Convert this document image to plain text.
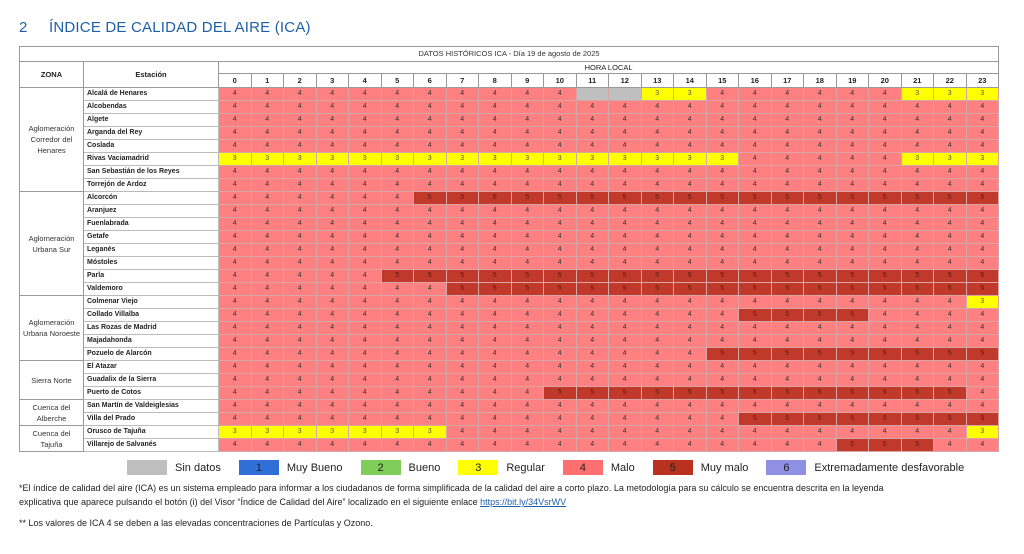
2 ÍNDICE DE CALIDAD DEL AIRE (ICA)
DATOS HISTÓRICOS ICA - Día 19 de agosto de 2025																									
ZONA	Estación	HORA LOCAL																							
		0	1	2	3	4	5	6	7	8	9	10	11	12	13	14	15	16	17	18	19	20	21	22	23
Aglomeración Corredor del Henares	Alcalá de Henares	4	4	4	4	4	4	4	4	4	4	4			3	3	4	4	4	4	4	4	3	3	3
	Alcobendas	4	4	4	4	4	4	4	4	4	4	4	4	4	4	4	4	4	4	4	4	4	4	4	4
	Algete	4	4	4	4	4	4	4	4	4	4	4	4	4	4	4	4	4	4	4	4	4	4	4	4
	Arganda del Rey	4	4	4	4	4	4	4	4	4	4	4	4	4	4	4	4	4	4	4	4	4	4	4	4
	Coslada	4	4	4	4	4	4	4	4	4	4	4	4	4	4	4	4	4	4	4	4	4	4	4	4
	Rivas Vaciamadrid	3	3	3	3	3	3	3	3	3	3	3	3	3	3	3	3	4	4	4	4	4	3	3	3
	San Sebastián de los Reyes	4	4	4	4	4	4	4	4	4	4	4	4	4	4	4	4	4	4	4	4	4	4	4	4
	Torrejón de Ardoz	4	4	4	4	4	4	4	4	4	4	4	4	4	4	4	4	4	4	4	4	4	4	4	4
Aglomeración Urbana Sur	Alcorcón	4	4	4	4	4	4	5	5	5	5	5	5	5	5	5	5	5	5	5	5	5	5	5	5
	Aranjuez	4	4	4	4	4	4	4	4	4	4	4	4	4	4	4	4	4	4	4	4	4	4	4	4
	Fuenlabrada	4	4	4	4	4	4	4	4	4	4	4	4	4	4	4	4	4	4	4	4	4	4	4	4
	Getafe	4	4	4	4	4	4	4	4	4	4	4	4	4	4	4	4	4	4	4	4	4	4	4	4
	Leganés	4	4	4	4	4	4	4	4	4	4	4	4	4	4	4	4	4	4	4	4	4	4	4	4
	Móstoles	4	4	4	4	4	4	4	4	4	4	4	4	4	4	4	4	4	4	4	4	4	4	4	4
	Parla	4	4	4	4	4	5	5	5	5	5	5	5	5	5	5	5	5	5	5	5	5	5	5	5
	Valdemoro	4	4	4	4	4	4	4	5	5	5	5	5	5	5	5	5	5	5	5	5	5	5	5	5
Aglomeración Urbana Noroeste	Colmenar Viejo	4	4	4	4	4	4	4	4	4	4	4	4	4	4	4	4	4	4	4	4	4	4	4	3
	Collado Villalba	4	4	4	4	4	4	4	4	4	4	4	4	4	4	4	4	5	5	5	5	4	4	4	4
	Las Rozas de Madrid	4	4	4	4	4	4	4	4	4	4	4	4	4	4	4	4	4	4	4	4	4	4	4	4
	Majadahonda	4	4	4	4	4	4	4	4	4	4	4	4	4	4	4	4	4	4	4	4	4	4	4	4
	Pozuelo de Alarcón	4	4	4	4	4	4	4	4	4	4	4	4	4	4	4	5	5	5	5	5	5	5	5	5
Sierra Norte	El Atazar	4	4	4	4	4	4	4	4	4	4	4	4	4	4	4	4	4	4	4	4	4	4	4	4
	Guadalix de la Sierra	4	4	4	4	4	4	4	4	4	4	4	4	4	4	4	4	4	4	4	4	4	4	4	4
	Puerto de Cotos	4	4	4	4	4	4	4	4	4	4	5	5	5	5	5	5	5	5	5	5	5	5	5	4
Cuenca del Alberche	San Martín de Valdeiglesias	4	4	4	4	4	4	4	4	4	4	4	4	4	4	4	4	4	4	4	4	4	4	4	4
	Villa del Prado	4	4	4	4	4	4	4	4	4	4	4	4	4	4	4	4	5	5	5	5	5	5	5	5
Cuenca del Tajuña	Orusco de Tajuña	3	3	3	3	3	3	3	4	4	4	4	4	4	4	4	4	4	4	4	4	4	4	4	3
	Villarejo de Salvanés	4	4	4	4	4	4	4	4	4	4	4	4	4	4	4	4	4	4	4	5	5	5	4	4
Sin datos	1	Muy Bueno	2	Bueno	3	Regular	4	Malo	5	Muy malo	6	Extremadamente desfavorable
*El índice de calidad del aire (ICA) es un sistema empleado para informar a los ciudadanos de forma simplificada de la calidad del aire a corto plazo. La metodología para su cálculo se encuentra descrita en la leyenda
explicativa que aparece pulsando el botón (i) del Visor “Índice de Calidad del Aire” localizado en el siguiente enlace https://bit.ly/34VsrWV
** Los valores de ICA 4 se deben a las elevadas concentraciones de Partículas y Ozono.
